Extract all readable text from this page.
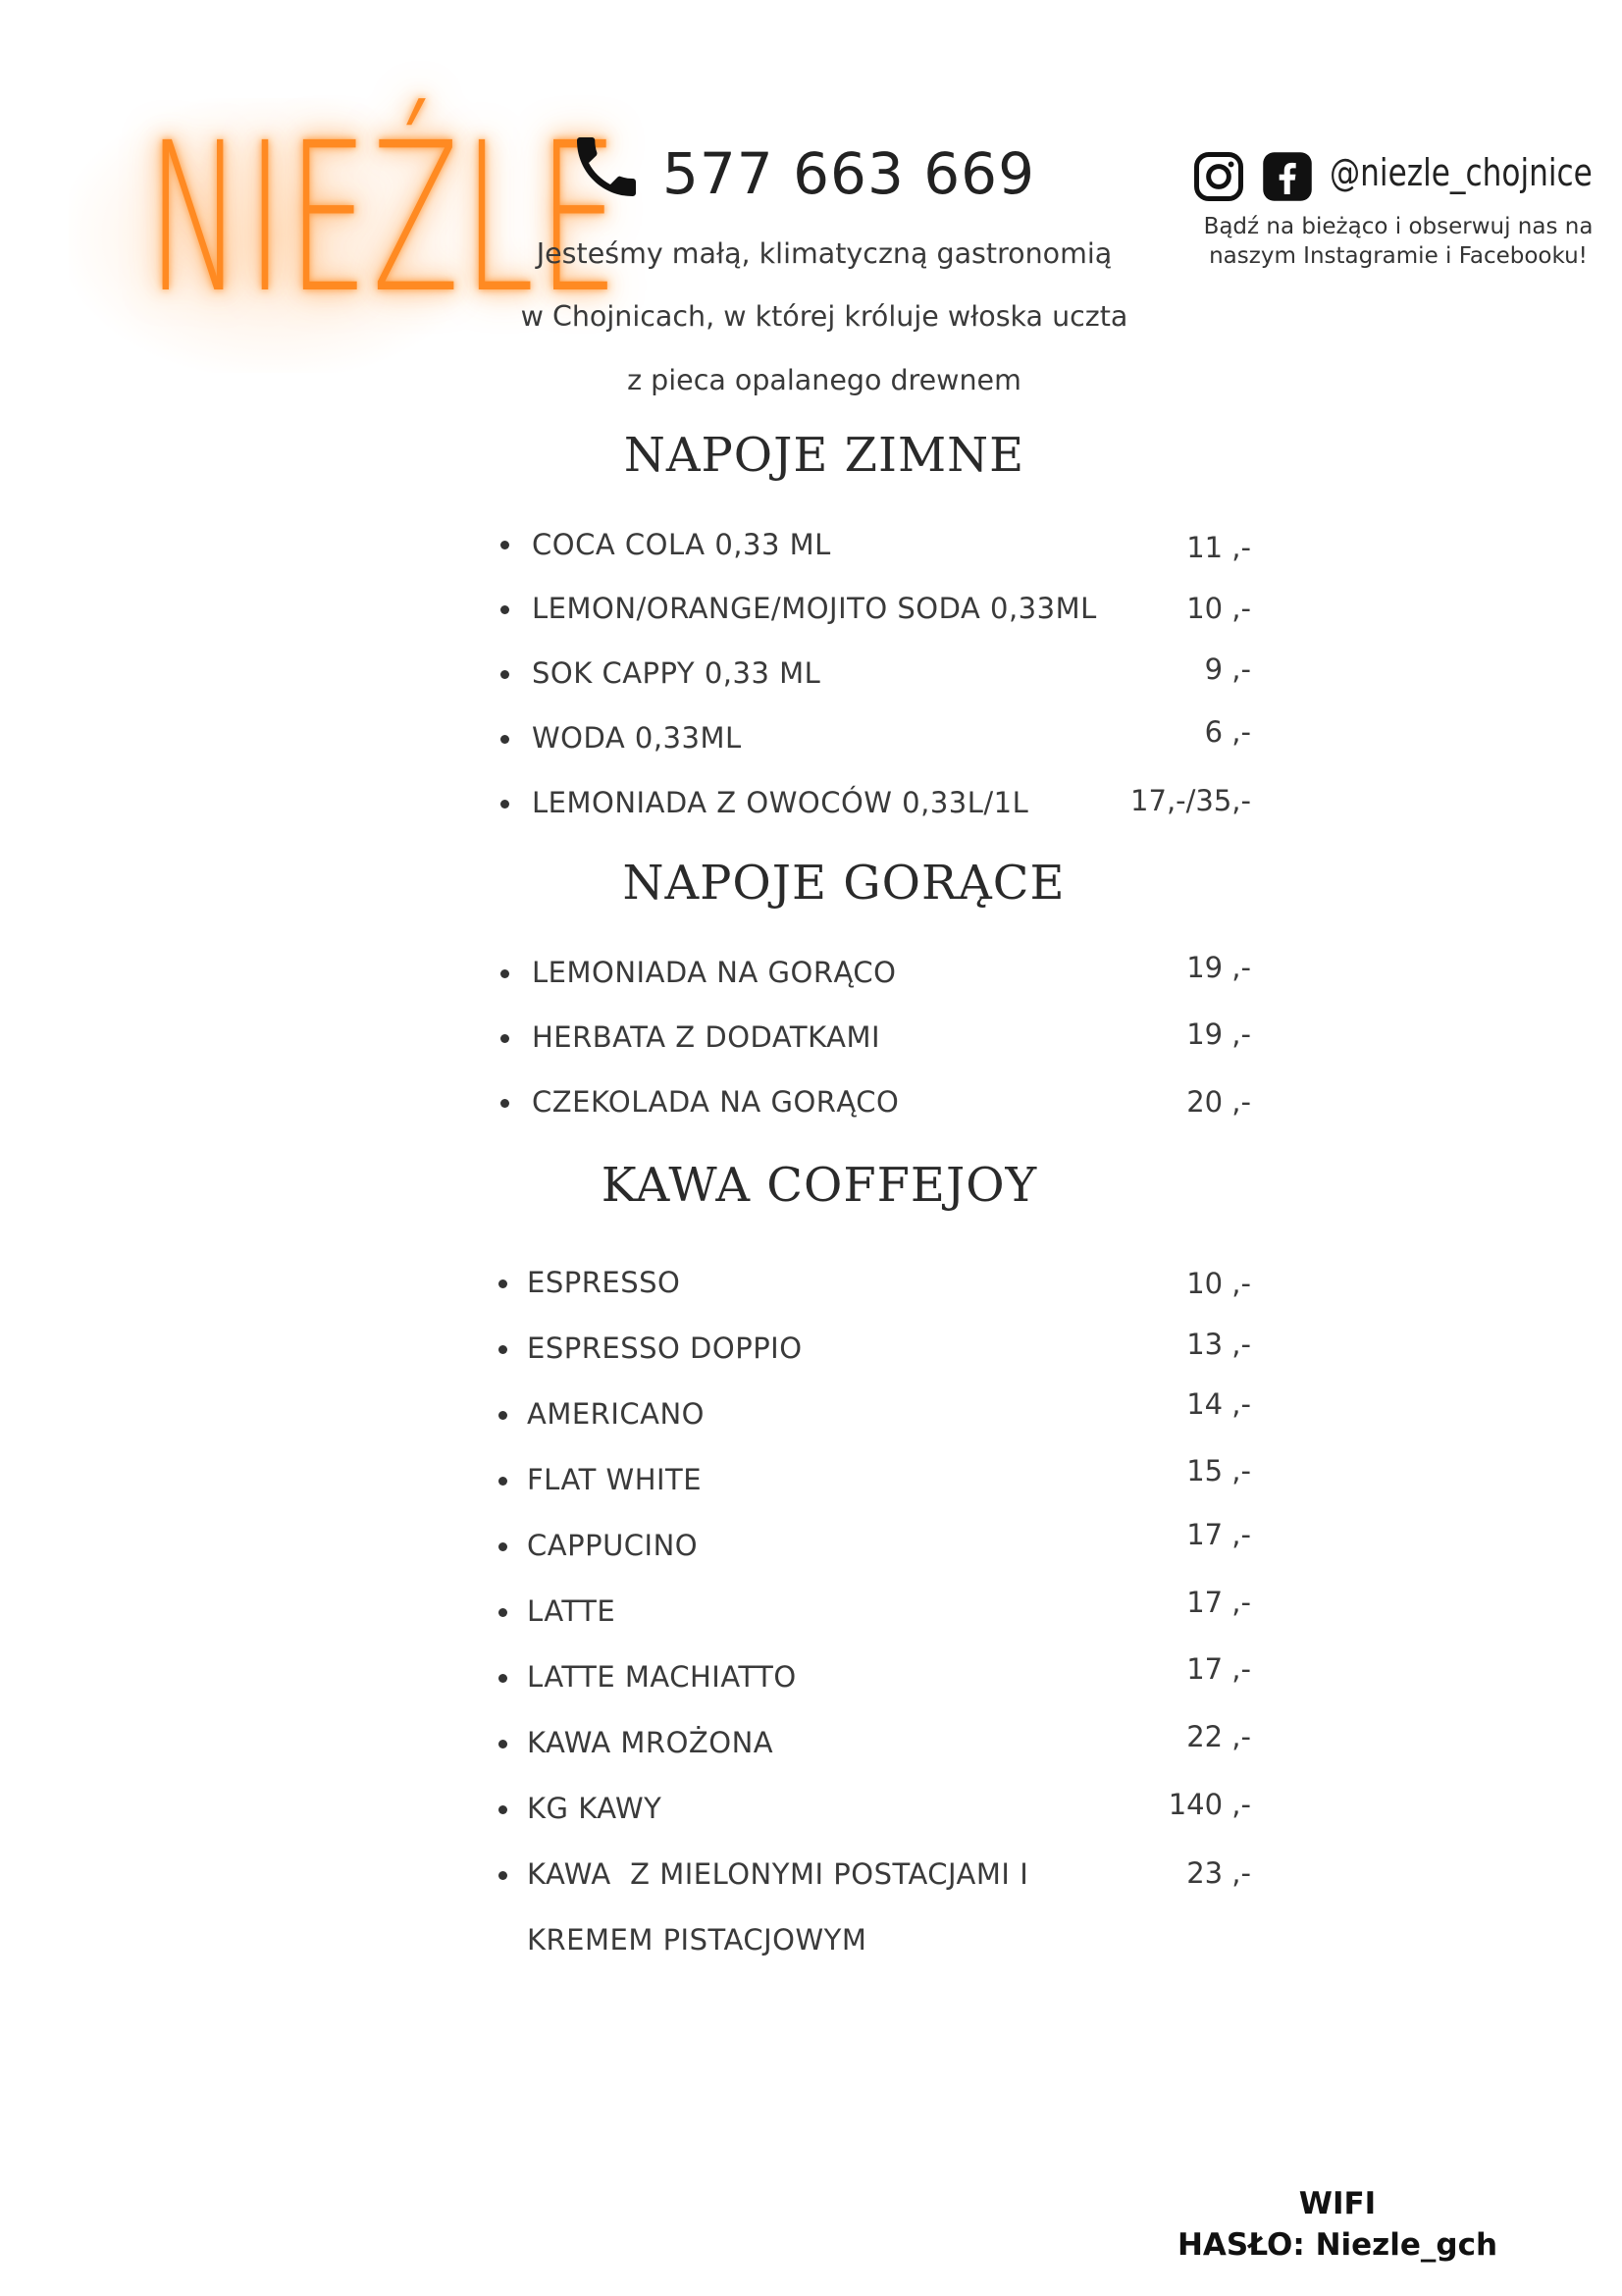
NIEŹLE 577 663 669
Jesteśmy małą, klimatyczną gastronomią
w Chojnicach, w której króluje włoska uczta
z pieca opalanego drewnem
@niezle_chojnice
Bądź na bieżąco i obserwuj nas na
naszym Instagramie i Facebooku!
NAPOJE ZIMNE
COCA COLA 0,33 ML	11 ,-
LEMON/ORANGE/MOJITO SODA 0,33ML	10 ,-
SOK CAPPY 0,33 ML	9 ,-
WODA 0,33ML	6 ,-
LEMONIADA Z OWOCÓW 0,33L/1L	17,-/35,-
NAPOJE GORĄCE
LEMONIADA NA GORĄCO	19 ,-
HERBATA Z DODATKAMI	19 ,-
CZEKOLADA NA GORĄCO	20 ,-
KAWA COFFEJOY
ESPRESSO	10 ,-
ESPRESSO DOPPIO	13 ,-
AMERICANO	14 ,-
FLAT WHITE	15 ,-
CAPPUCINO	17 ,-
LATTE	17 ,-
LATTE MACHIATTO	17 ,-
KAWA MROŻONA	22 ,-
KG KAWY	140 ,-
KAWA  Z MIELONYMI POSTACJAMI I	23 ,-
KREMEM PISTACJOWYM
WIFI
HASŁO: Niezle_gch
